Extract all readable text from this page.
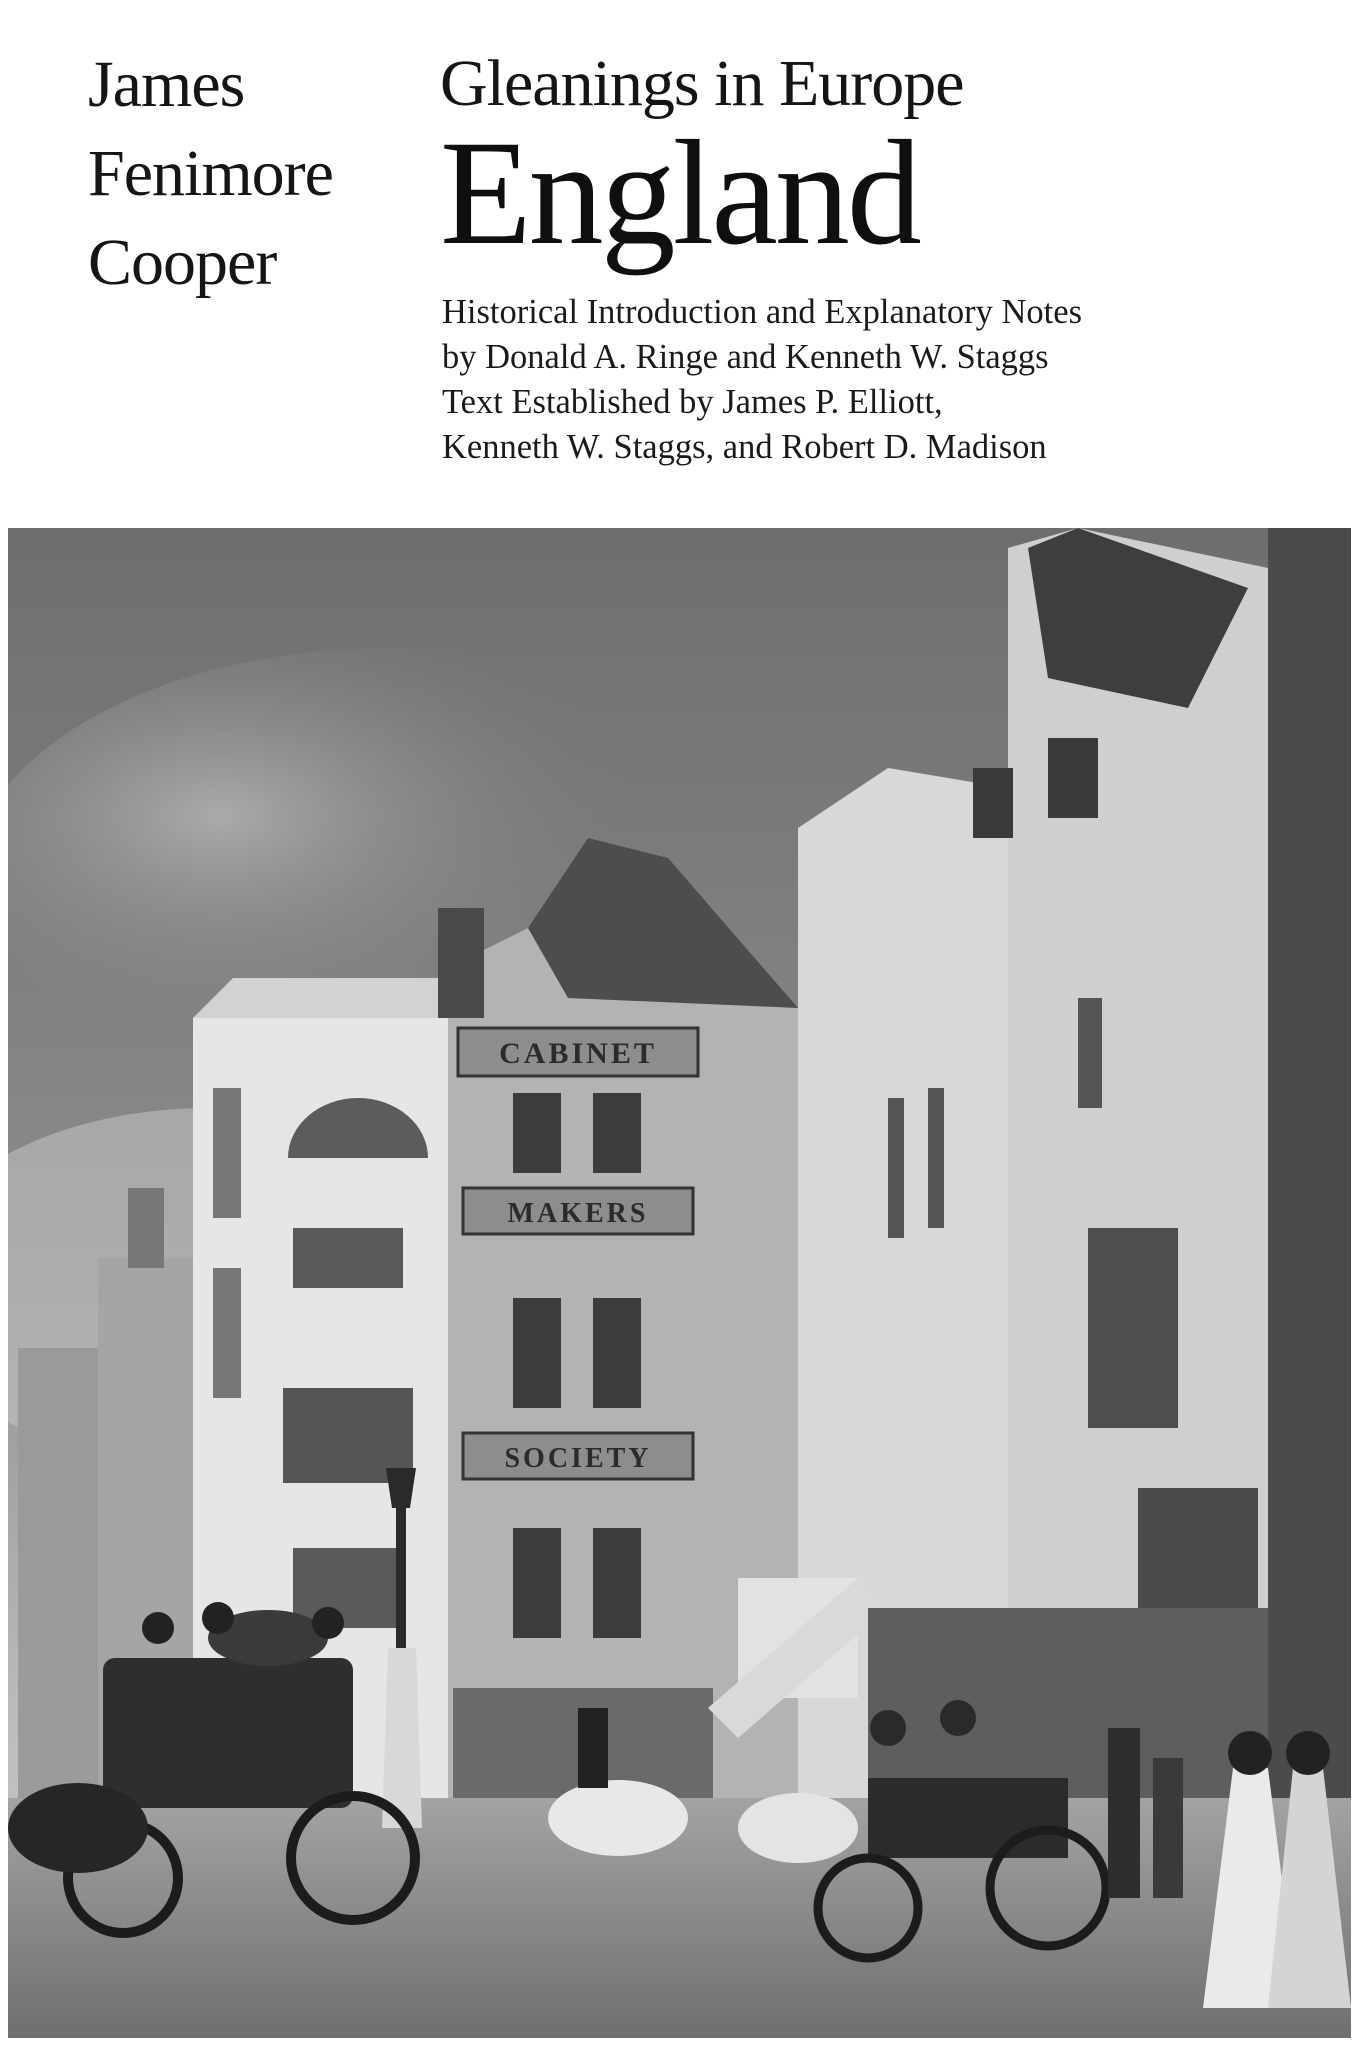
James
Fenimore
Cooper
Gleanings in Europe
England
Historical Introduction and Explanatory Notes
by Donald A. Ringe and Kenneth W. Staggs
Text Established by James P. Elliott,
Kenneth W. Staggs, and Robert D. Madison
CABINET
MAKERS
SOCIETY
